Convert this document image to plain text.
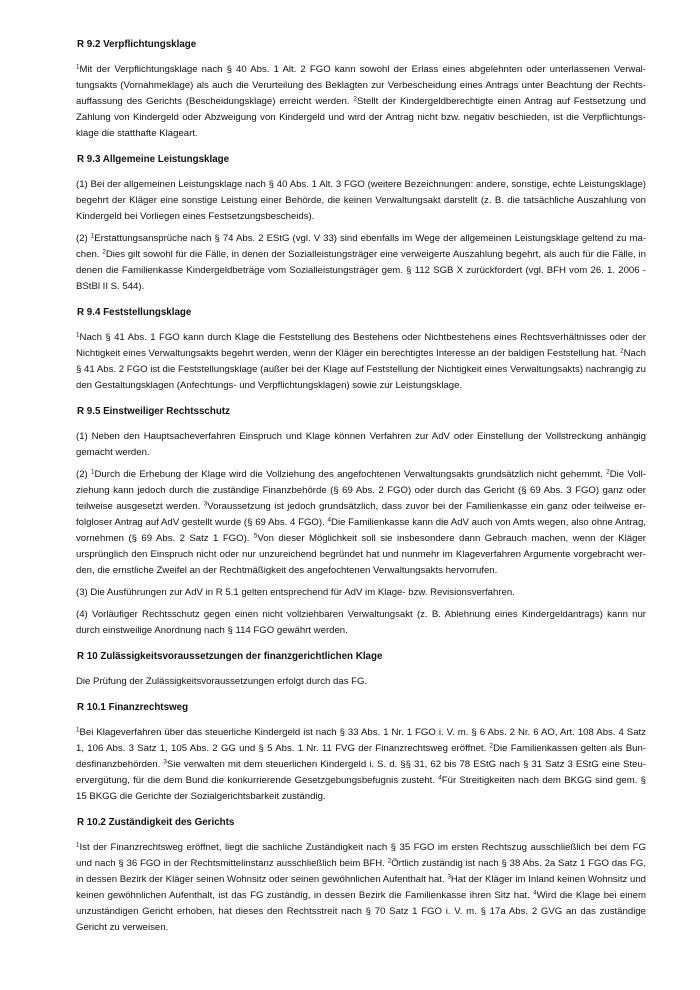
R 9.2 Verpflichtungsklage

$^1$Mit der Verpflichtungsklage nach § 40 Abs. 1 Alt. 2 FGO kann sowohl der Erlass eines abgelehnten oder unterlassenen Verwaltungsakts (Vornahmeklage) als auch die Verurteilung des Beklagten zur Verbescheidung eines Antrags unter Beachtung der Rechtsauffassung des Gerichts (Bescheidungsklage) erreicht werden. $^2$Stellt der Kindergeldberechtigte einen Antrag auf Festsetzung und Zahlung von Kindergeld oder Abzweigung von Kindergeld und wird der Antrag nicht bzw. negativ beschieden, ist die Verpflichtungsklage die statthafte Klageart.

R 9.3 Allgemeine Leistungsklage

(1) Bei der allgemeinen Leistungsklage nach § 40 Abs. 1 Alt. 3 FGO (weitere Bezeichnungen: andere, sonstige, echte Leistungsklage) begehrt der Kläger eine sonstige Leistung einer Behörde, die keinen Verwaltungsakt darstellt (z. B. die tatsächliche Auszahlung von Kindergeld bei Vorliegen eines Festsetzungsbescheids).

(2) $^1$Erstattungsansprüche nach § 74 Abs. 2 EStG (vgl. V 33) sind ebenfalls im Wege der allgemeinen Leistungsklage geltend zu machen. $^2$Dies gilt sowohl für die Fälle, in denen der Sozialleistungsträger eine verweigerte Auszahlung begehrt, als auch für die Fälle, in denen die Familienkasse Kindergeldbeträge vom Sozialleistungsträger gem. § 112 SGB X zurückfordert (vgl. BFH vom 26. 1. 2006 - BStBl II S. 544).

R 9.4 Feststellungsklage

$^1$Nach § 41 Abs. 1 FGO kann durch Klage die Feststellung des Bestehens oder Nichtbestehens eines Rechtsverhältnisses oder der Nichtigkeit eines Verwaltungsakts begehrt werden, wenn der Kläger ein berechtigtes Interesse an der baldigen Feststellung hat. $^2$Nach § 41 Abs. 2 FGO ist die Feststellungsklage (außer bei der Klage auf Feststellung der Nichtigkeit eines Verwaltungsakts) nachrangig zu den Gestaltungsklagen (Anfechtungs- und Verpflichtungsklagen) sowie zur Leistungsklage.

R 9.5 Einstweiliger Rechtsschutz

(1) Neben den Hauptsacheverfahren Einspruch und Klage können Verfahren zur AdV oder Einstellung der Vollstreckung anhängig gemacht werden.

(2) $^1$Durch die Erhebung der Klage wird die Vollziehung des angefochtenen Verwaltungsakts grundsätzlich nicht gehemmt. $^2$Die Vollziehung kann jedoch durch die zuständige Finanzbehörde (§ 69 Abs. 2 FGO) oder durch das Gericht (§ 69 Abs. 3 FGO) ganz oder teilweise ausgesetzt werden. $^3$Voraussetzung ist jedoch grundsätzlich, dass zuvor bei der Familienkasse ein ganz oder teilweise erfolgloser Antrag auf AdV gestellt wurde (§ 69 Abs. 4 FGO). $^4$Die Familienkasse kann die AdV auch von Amts wegen, also ohne Antrag, vornehmen (§ 69 Abs. 2 Satz 1 FGO). $^5$Von dieser Möglichkeit soll sie insbesondere dann Gebrauch machen, wenn der Kläger ursprünglich den Einspruch nicht oder nur unzureichend begründet hat und nunmehr im Klageverfahren Argumente vorgebracht werden, die ernstliche Zweifel an der Rechtmäßigkeit des angefochtenen Verwaltungsakts hervorrufen.

(3) Die Ausführungen zur AdV in R 5.1 gelten entsprechend für AdV im Klage- bzw. Revisionsverfahren.

(4) Vorläufiger Rechtsschutz gegen einen nicht vollziehbaren Verwaltungsakt (z. B. Ablehnung eines Kindergeldantrags) kann nur durch einstweilige Anordnung nach § 114 FGO gewährt werden.

R 10 Zulässigkeitsvoraussetzungen der finanzgerichtlichen Klage

Die Prüfung der Zulässigkeitsvoraussetzungen erfolgt durch das FG.

R 10.1 Finanzrechtsweg

$^1$Bei Klageverfahren über das steuerliche Kindergeld ist nach § 33 Abs. 1 Nr. 1 FGO i. V. m. § 6 Abs. 2 Nr. 6 AO, Art. 108 Abs. 4 Satz 1, 106 Abs. 3 Satz 1, 105 Abs. 2 GG und § 5 Abs. 1 Nr. 11 FVG der Finanzrechtsweg eröffnet. $^2$Die Familienkassen gelten als Bundesfinanzbehörden. $^3$Sie verwalten mit dem steuerlichen Kindergeld i. S. d. §§ 31, 62 bis 78 EStG nach § 31 Satz 3 EStG eine Steuervergütung, für die dem Bund die konkurrierende Gesetzgebungsbefugnis zusteht. $^4$Für Streitigkeiten nach dem BKGG sind gem. § 15 BKGG die Gerichte der Sozialgerichtsbarkeit zuständig.

R 10.2 Zuständigkeit des Gerichts

$^1$Ist der Finanzrechtsweg eröffnet, liegt die sachliche Zuständigkeit nach § 35 FGO im ersten Rechtszug ausschließlich bei dem FG und nach § 36 FGO in der Rechtsmittelinstanz ausschließlich beim BFH. $^2$Örtlich zuständig ist nach § 38 Abs. 2a Satz 1 FGO das FG, in dessen Bezirk der Kläger seinen Wohnsitz oder seinen gewöhnlichen Aufenthalt hat. $^3$Hat der Kläger im Inland keinen Wohnsitz und keinen gewöhnlichen Aufenthalt, ist das FG zuständig, in dessen Bezirk die Familienkasse ihren Sitz hat. $^4$Wird die Klage bei einem unzuständigen Gericht erhoben, hat dieses den Rechtsstreit nach § 70 Satz 1 FGO i. V. m. § 17a Abs. 2 GVG an das zuständige Gericht zu verweisen.
